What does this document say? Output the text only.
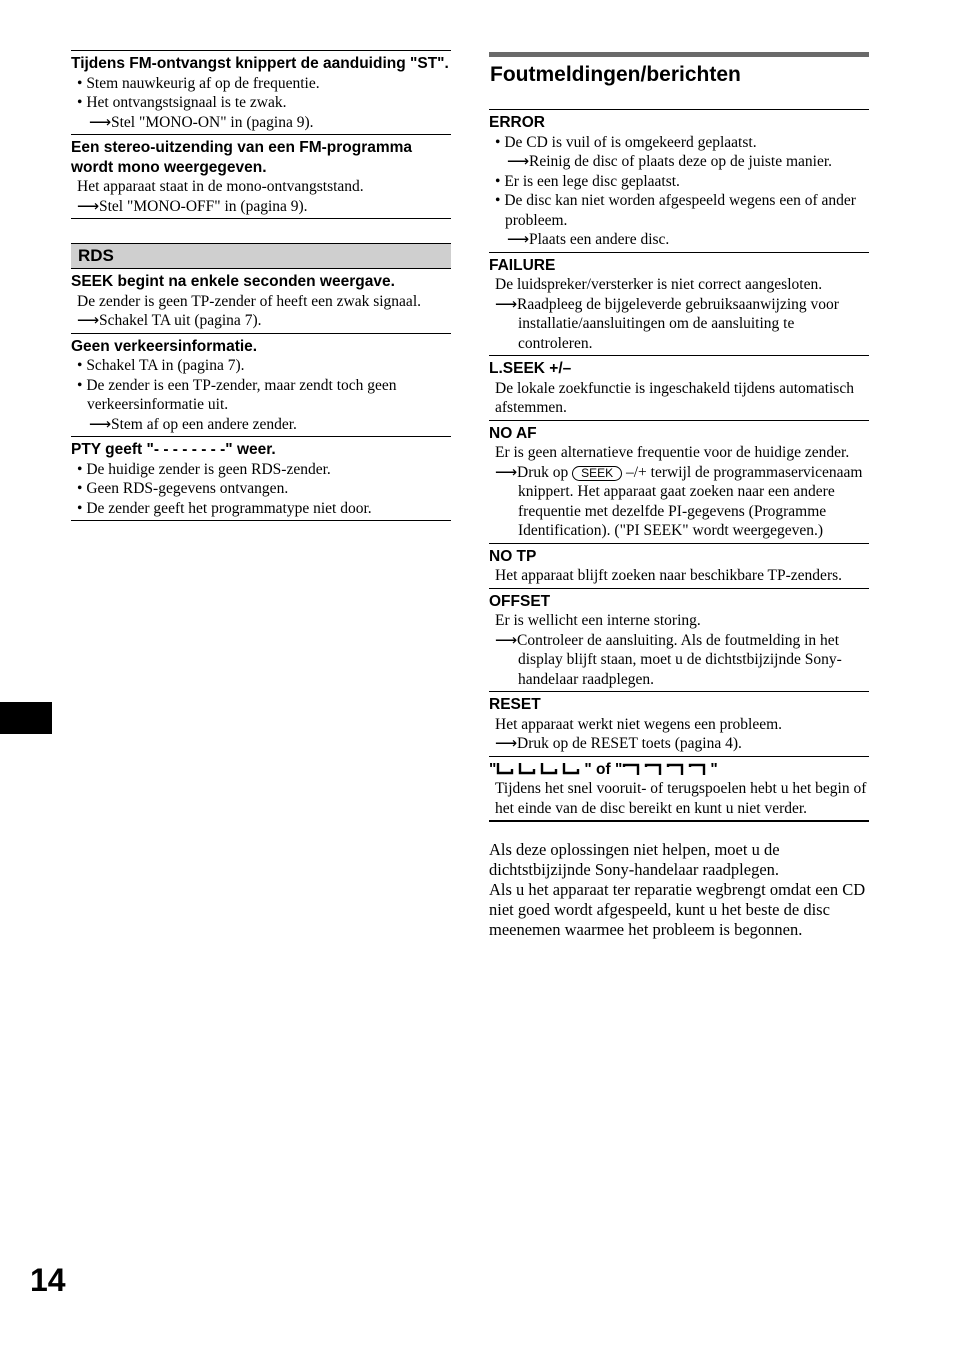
Tijdens FM-ontvangst knippert de aanduiding "ST".
• Stem nauwkeurig af op de frequentie.
• Het ontvangstsignaal is te zwak.
⟶Stel "MONO-ON" in (pagina 9).
Een stereo-uitzending van een FM-programma wordt mono weergegeven.
Het apparaat staat in de mono-ontvangststand.
⟶Stel "MONO-OFF" in (pagina 9).
RDS
SEEK begint na enkele seconden weergave.
De zender is geen TP-zender of heeft een zwak signaal.
⟶Schakel TA uit (pagina 7).
Geen verkeersinformatie.
• Schakel TA in (pagina 7).
• De zender is een TP-zender, maar zendt toch geen verkeersinformatie uit.
⟶Stem af op een andere zender.
PTY geeft "- - - - - - - -" weer.
• De huidige zender is geen RDS-zender.
• Geen RDS-gegevens ontvangen.
• De zender geeft het programmatype niet door.
Foutmeldingen/berichten
ERROR
• De CD is vuil of is omgekeerd geplaatst.
⟶Reinig de disc of plaats deze op de juiste manier.
• Er is een lege disc geplaatst.
• De disc kan niet worden afgespeeld wegens een of ander probleem.
⟶Plaats een andere disc.
FAILURE
De luidspreker/versterker is niet correct aangesloten.
⟶Raadpleeg de bijgeleverde gebruiksaanwijzing voor installatie/aansluitingen om de aansluiting te controleren.
L.SEEK +/–
De lokale zoekfunctie is ingeschakeld tijdens automatisch afstemmen.
NO AF
Er is geen alternatieve frequentie voor de huidige zender.
⟶Druk op SEEK –/+ terwijl de programmaservicenaam knippert. Het apparaat gaat zoeken naar een andere frequentie met dezelfde PI-gegevens (Programme Identification). ("PI SEEK" wordt weergegeven.)
NO TP
Het apparaat blijft zoeken naar beschikbare TP-zenders.
OFFSET
Er is wellicht een interne storing.
⟶Controleer de aansluiting. Als de foutmelding in het display blijft staan, moet u de dichtstbijzijnde Sony-handelaar raadplegen.
RESET
Het apparaat werkt niet wegens een probleem.
⟶Druk op de RESET toets (pagina 4).
"	" of "	"
Tijdens het snel vooruit- of terugspoelen hebt u het begin of het einde van de disc bereikt en kunt u niet verder.
Als deze oplossingen niet helpen, moet u de dichtstbijzijnde Sony-handelaar raadplegen.
Als u het apparaat ter reparatie wegbrengt omdat een CD niet goed wordt afgespeeld, kunt u het beste de disc meenemen waarmee het probleem is begonnen.
14
